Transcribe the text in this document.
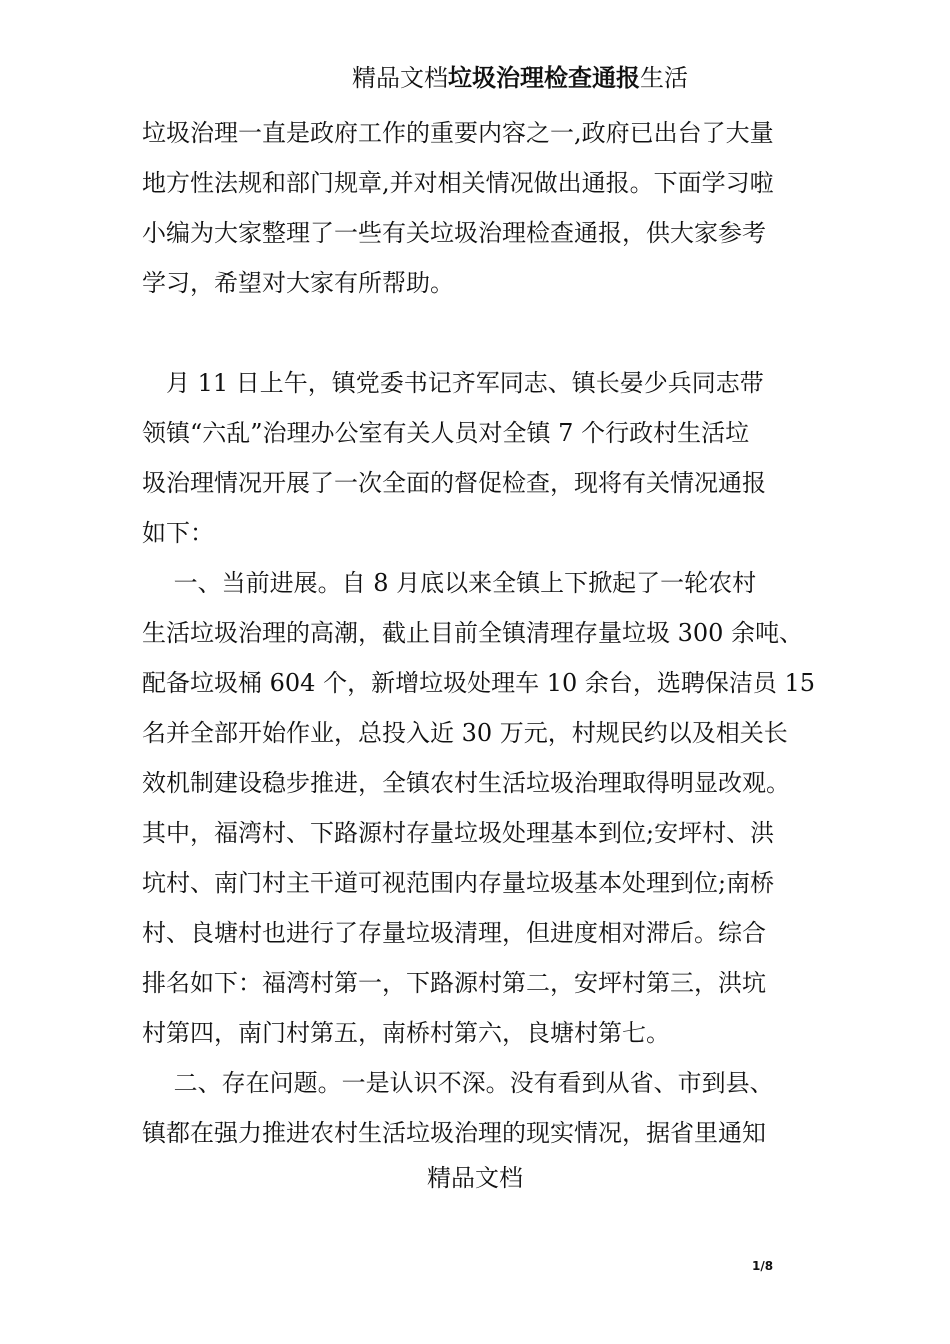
精品文档垃圾治理检查通报生活
垃圾治理一直是政府工作的重要内容之一,政府已出台了大量
地方性法规和部门规章,并对相关情况做出通报。下面学习啦
小编为大家整理了一些有关垃圾治理检查通报，供大家参考
学习，希望对大家有所帮助。
　月 11 日上午，镇党委书记齐军同志、镇长晏少兵同志带
领镇“六乱”治理办公室有关人员对全镇 7 个行政村生活垃
圾治理情况开展了一次全面的督促检查，现将有关情况通报
如下：
　 一、当前进展。自 8 月底以来全镇上下掀起了一轮农村
生活垃圾治理的高潮，截止目前全镇清理存量垃圾 300 余吨、
配备垃圾桶 604 个，新增垃圾处理车 10 余台，选聘保洁员 15
名并全部开始作业，总投入近 30 万元，村规民约以及相关长
效机制建设稳步推进，全镇农村生活垃圾治理取得明显改观。
其中，福湾村、下路源村存量垃圾处理基本到位;安坪村、洪
坑村、南门村主干道可视范围内存量垃圾基本处理到位;南桥
村、良塘村也进行了存量垃圾清理，但进度相对滞后。综合
排名如下：福湾村第一，下路源村第二，安坪村第三，洪坑
村第四，南门村第五，南桥村第六，良塘村第七。
　 二、存在问题。一是认识不深。没有看到从省、市到县、
镇都在强力推进农村生活垃圾治理的现实情况，据省里通知
精品文档
1/8
